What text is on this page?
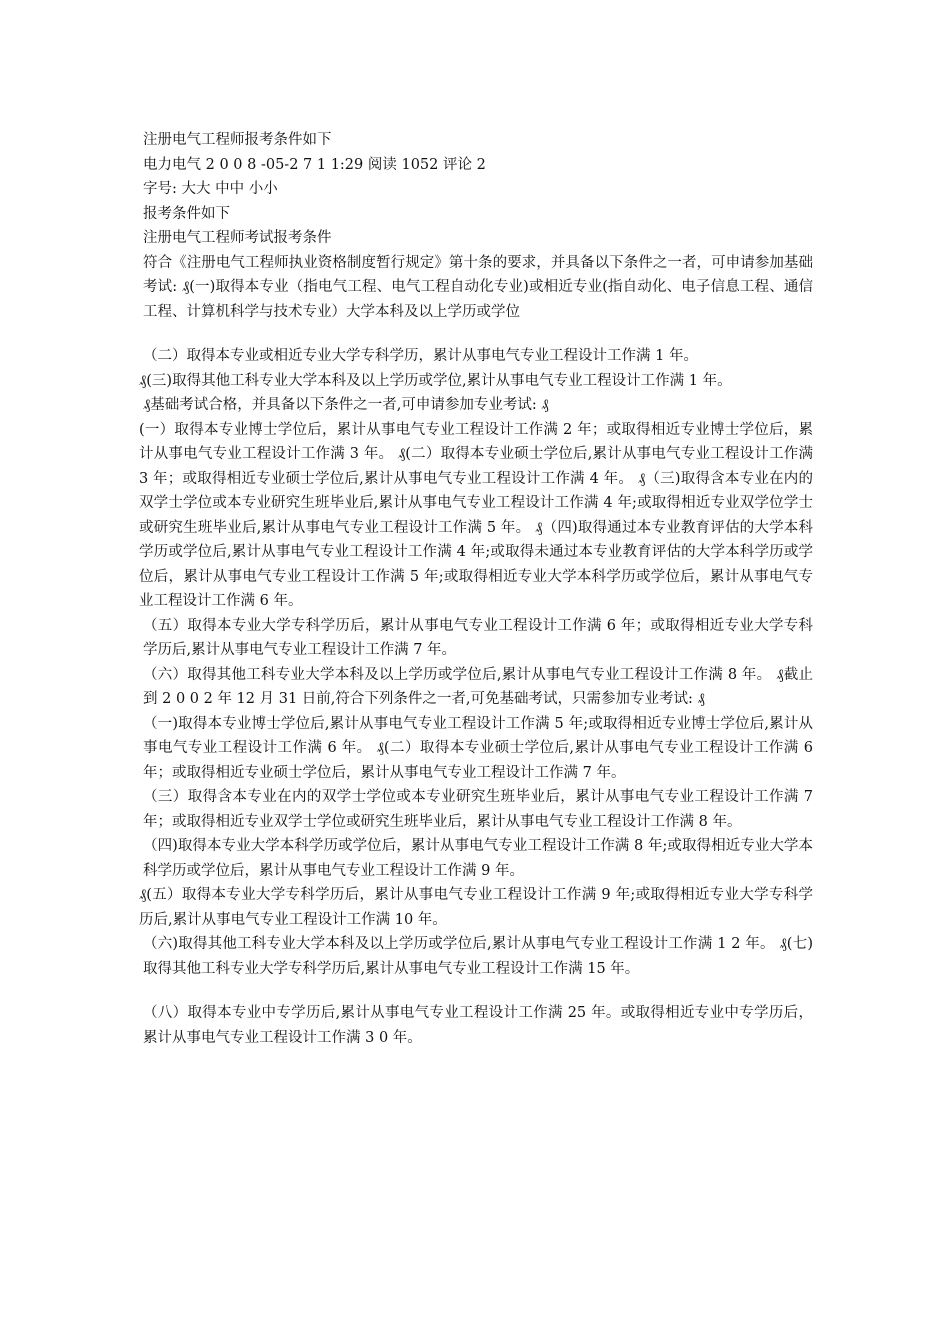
注册电气工程师报考条件如下
电力电气 2 0 0 8 -05-2 7 1 1:29 阅读 1052 评论 2
字号: 大大 中中 小小
报考条件如下
注册电气工程师考试报考条件
符合《注册电气工程师执业资格制度暂行规定》第十条的要求，并具备以下条件之一者，可申请参加基础考试: ₰(一)取得本专业（指电气工程、电气工程自动化专业)或相近专业(指自动化、电子信息工程、通信工程、计算机科学与技术专业）大学本科及以上学历或学位
（二）取得本专业或相近专业大学专科学历，累计从事电气专业工程设计工作满 1 年。
₰(三)取得其他工科专业大学本科及以上学历或学位,累计从事电气专业工程设计工作满 1 年。
₰基础考试合格，并具备以下条件之一者,可申请参加专业考试: ₰
(一）取得本专业博士学位后，累计从事电气专业工程设计工作满 2 年；或取得相近专业博士学位后，累计从事电气专业工程设计工作满 3 年。 ₰(二）取得本专业硕士学位后,累计从事电气专业工程设计工作满 3 年；或取得相近专业硕士学位后,累计从事电气专业工程设计工作满 4 年。 ₰（三)取得含本专业在内的双学士学位或本专业研究生班毕业后,累计从事电气专业工程设计工作满 4 年;或取得相近专业双学位学士或研究生班毕业后,累计从事电气专业工程设计工作满 5 年。 ₰（四)取得通过本专业教育评估的大学本科学历或学位后,累计从事电气专业工程设计工作满 4 年;或取得未通过本专业教育评估的大学本科学历或学位后，累计从事电气专业工程设计工作满 5 年;或取得相近专业大学本科学历或学位后，累计从事电气专业工程设计工作满 6 年。
（五）取得本专业大学专科学历后，累计从事电气专业工程设计工作满 6 年；或取得相近专业大学专科学历后,累计从事电气专业工程设计工作满 7 年。
（六）取得其他工科专业大学本科及以上学历或学位后,累计从事电气专业工程设计工作满 8 年。 ₰截止到 2 0 0 2 年 12 月 31 日前,符合下列条件之一者,可免基础考试，只需参加专业考试: ₰
（一)取得本专业博士学位后,累计从事电气专业工程设计工作满 5 年;或取得相近专业博士学位后,累计从事电气专业工程设计工作满 6 年。 ₰(二）取得本专业硕士学位后,累计从事电气专业工程设计工作满 6 年；或取得相近专业硕士学位后，累计从事电气专业工程设计工作满 7 年。
（三）取得含本专业在内的双学士学位或本专业研究生班毕业后，累计从事电气专业工程设计工作满 7 年；或取得相近专业双学士学位或研究生班毕业后，累计从事电气专业工程设计工作满 8 年。
（四)取得本专业大学本科学历或学位后，累计从事电气专业工程设计工作满 8 年;或取得相近专业大学本科学历或学位后，累计从事电气专业工程设计工作满 9 年。
₰(五）取得本专业大学专科学历后，累计从事电气专业工程设计工作满 9 年;或取得相近专业大学专科学历后,累计从事电气专业工程设计工作满 10 年。
（六)取得其他工科专业大学本科及以上学历或学位后,累计从事电气专业工程设计工作满 1 2 年。 ₰(七)取得其他工科专业大学专科学历后,累计从事电气专业工程设计工作满 15 年。
（八）取得本专业中专学历后,累计从事电气专业工程设计工作满 25 年。或取得相近专业中专学历后，累计从事电气专业工程设计工作满 3 0 年。
